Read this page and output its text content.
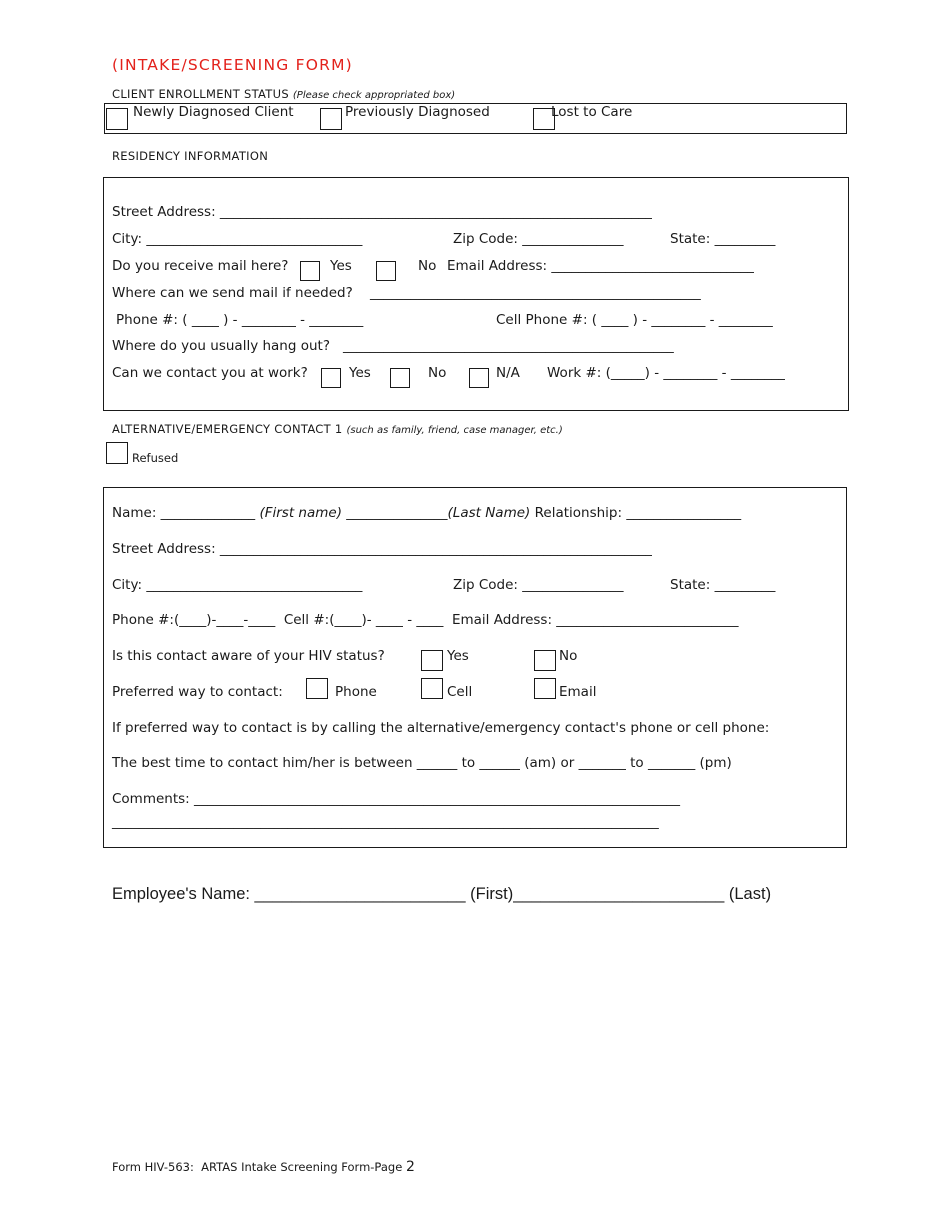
(INTAKE/SCREENING FORM)
CLIENT ENROLLMENT STATUS (Please check appropriated box)
Newly Diagnosed Client	Previously Diagnosed	Lost to Care
RESIDENCY INFORMATION
Street Address: ________________________________________________________________
City: ________________________________	Zip Code: _______________	State: _________
Do you receive mail here?	Yes	No Email Address: ______________________________
Where can we send mail if needed? _________________________________________________
Phone #: ( ____ ) - ________ - ________	Cell Phone #: ( ____ ) - ________ - ________
Where do you usually hang out? _________________________________________________
Can we contact you at work?	Yes	No	N/A Work #: (_____) - ________ - ________
ALTERNATIVE/EMERGENCY CONTACT 1 (such as family, friend, case manager, etc.)
Refused
Name: ______________ (First name) _______________(Last Name) Relationship: _________________
Street Address: ________________________________________________________________
City: ________________________________	Zip Code: _______________	State: _________
Phone #:(____)-____-____  Cell #:(____)- ____ - ____  Email Address: ___________________________
Is this contact aware of your HIV status?	Yes	No
Preferred way to contact:	Phone	Cell	Email
If preferred way to contact is by calling the alternative/emergency contact's phone or cell phone:
The best time to contact him/her is between ______ to ______ (am) or _______ to _______ (pm)
Comments: ________________________________________________________________________
_________________________________________________________________________________
Employee's Name: _______________________ (First)_______________________ (Last)
Form HIV-563:  ARTAS Intake Screening Form-Page 2
